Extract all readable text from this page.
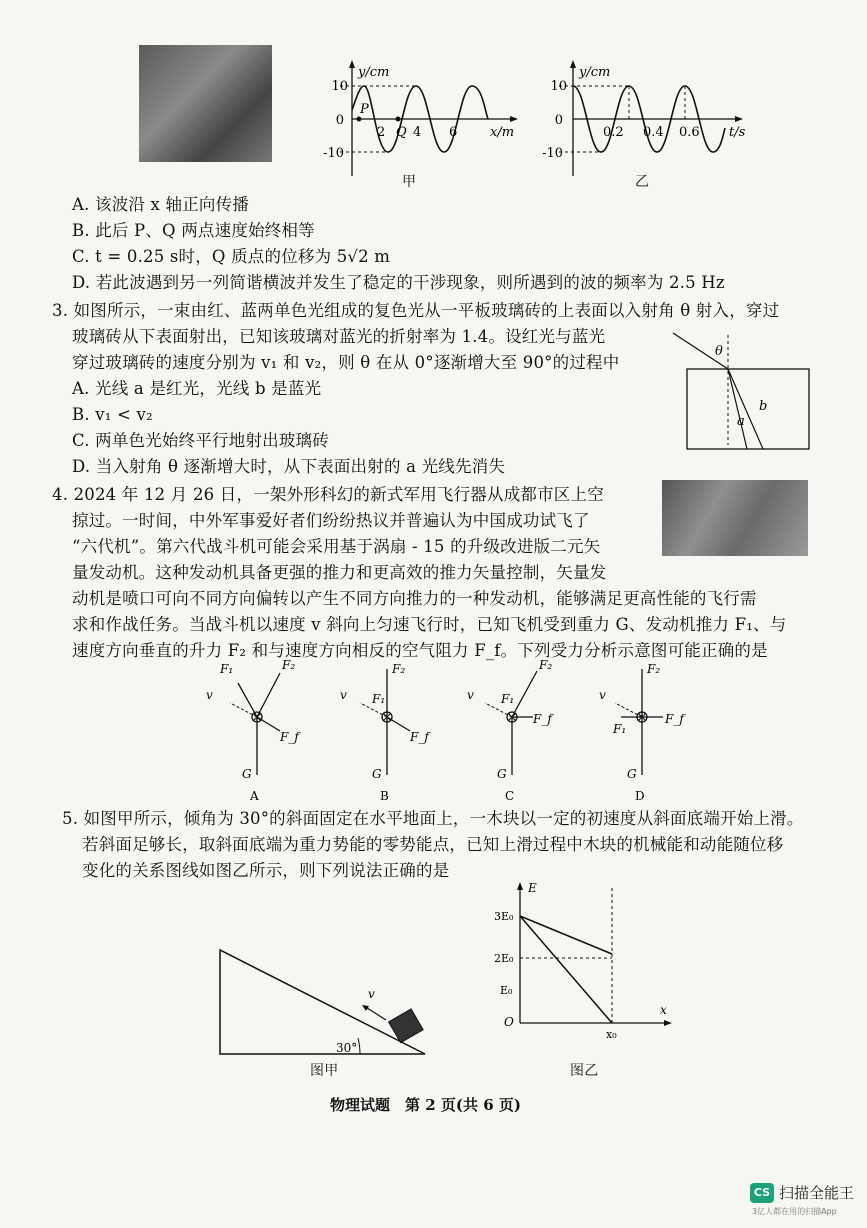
10
0
-10
y/cm
x/m
2 4 6
P
Q
甲
10
0
-10
y/cm
t/s
0.2 0.4 0.6
乙
A. 该波沿 x 轴正向传播
B. 此后 P、Q 两点速度始终相等
C. t = 0.25 s时，Q 质点的位移为 5√2 m
D. 若此波遇到另一列简谐横波并发生了稳定的干涉现象，则所遇到的波的频率为 2.5 Hz
3. 如图所示，一束由红、蓝两单色光组成的复色光从一平板玻璃砖的上表面以入射角 θ 射入，穿过
玻璃砖从下表面射出，已知该玻璃对蓝光的折射率为 1.4。设红光与蓝光
穿过玻璃砖的速度分别为 v₁ 和 v₂，则 θ 在从 0°逐渐增大至 90°的过程中
A. 光线 a 是红光，光线 b 是蓝光
B. v₁ < v₂
C. 两单色光始终平行地射出玻璃砖
D. 当入射角 θ 逐渐增大时，从下表面出射的 a 光线先消失
θ
a
b
4. 2024 年 12 月 26 日，一架外形科幻的新式军用飞行器从成都市区上空
掠过。一时间，中外军事爱好者们纷纷热议并普遍认为中国成功试飞了
“六代机”。第六代战斗机可能会采用基于涡扇 - 15 的升级改进版二元矢
量发动机。这种发动机具备更强的推力和更高效的推力矢量控制，矢量发
动机是喷口可向不同方向偏转以产生不同方向推力的一种发动机，能够满足更高性能的飞行需
求和作战任务。当战斗机以速度 v 斜向上匀速飞行时，已知飞机受到重力 G、发动机推力 F₁、与
速度方向垂直的升力 F₂ 和与速度方向相反的空气阻力 F_f。下列受力分析示意图可能正确的是
F₁	F₂
v
F_f
G
A
F₁
F₂
v
F_f
G
B
F₁
F₂
v
F_f
G
C
F₁
F₂
v
F_f
G
D
5. 如图甲所示，倾角为 30°的斜面固定在水平地面上，一木块以一定的初速度从斜面底端开始上滑。
若斜面足够长，取斜面底端为重力势能的零势能点，已知上滑过程中木块的机械能和动能随位移
变化的关系图线如图乙所示，则下列说法正确的是
v
30°
图甲
E
x
O
3E₀
2E₀
E₀
x₀
图乙
物理试题　第 2 页(共 6 页)
CS 扫描全能王
3亿人都在用的扫描App
